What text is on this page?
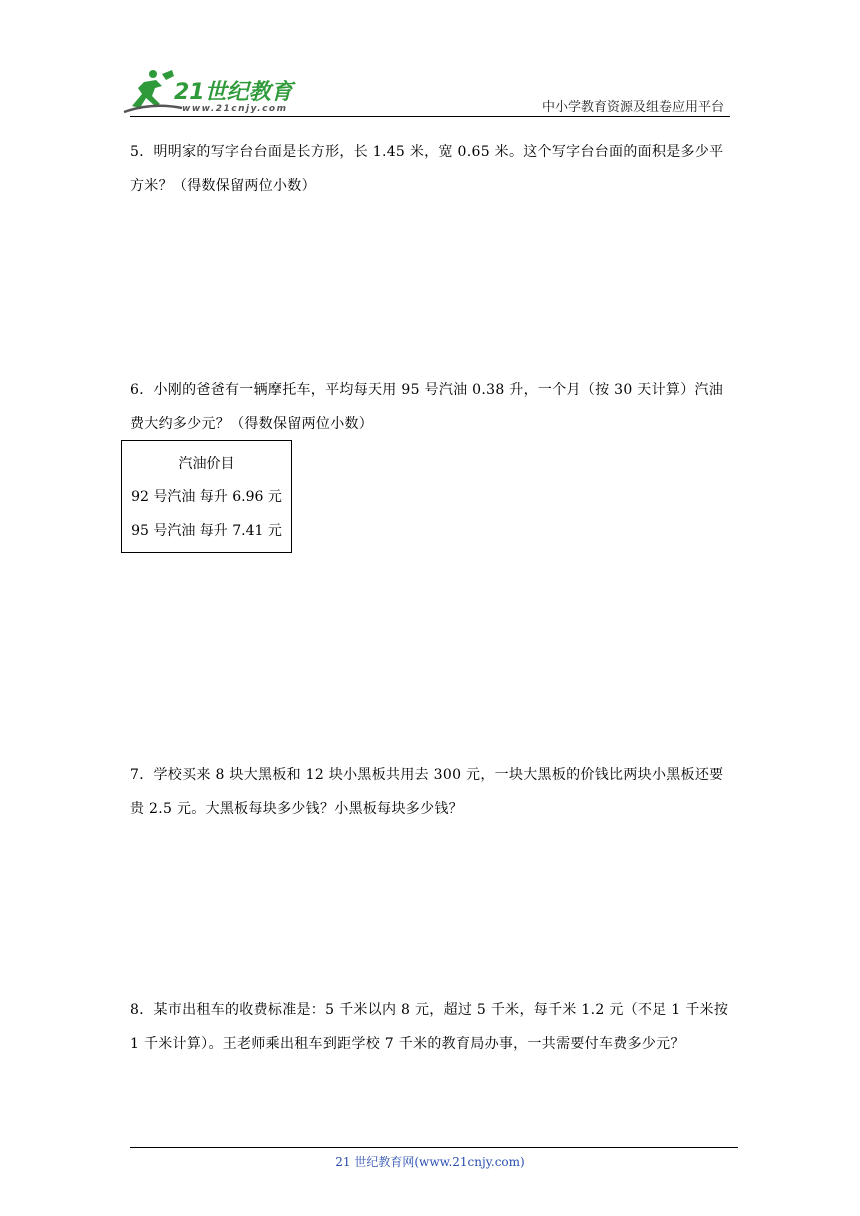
21世纪教育
www.21cnjy.com	中小学教育资源及组卷应用平台

5．明明家的写字台台面是长方形，长 1.45 米，宽 0.65 米。这个写字台台面的面积是多少平

方米？（得数保留两位小数）

6．小刚的爸爸有一辆摩托车，平均每天用 95 号汽油 0.38 升，一个月（按 30 天计算）汽油

费大约多少元？（得数保留两位小数）

汽油价目
92 号汽油 每升 6.96 元
95 号汽油 每升 7.41 元

7．学校买来 8 块大黑板和 12 块小黑板共用去 300 元，一块大黑板的价钱比两块小黑板还要

贵 2.5 元。大黑板每块多少钱？小黑板每块多少钱？

8．某市出租车的收费标准是：5 千米以内 8 元，超过 5 千米，每千米 1.2 元（不足 1 千米按

1 千米计算）。王老师乘出租车到距学校 7 千米的教育局办事，一共需要付车费多少元？

21 世纪教育网(www.21cnjy.com)
